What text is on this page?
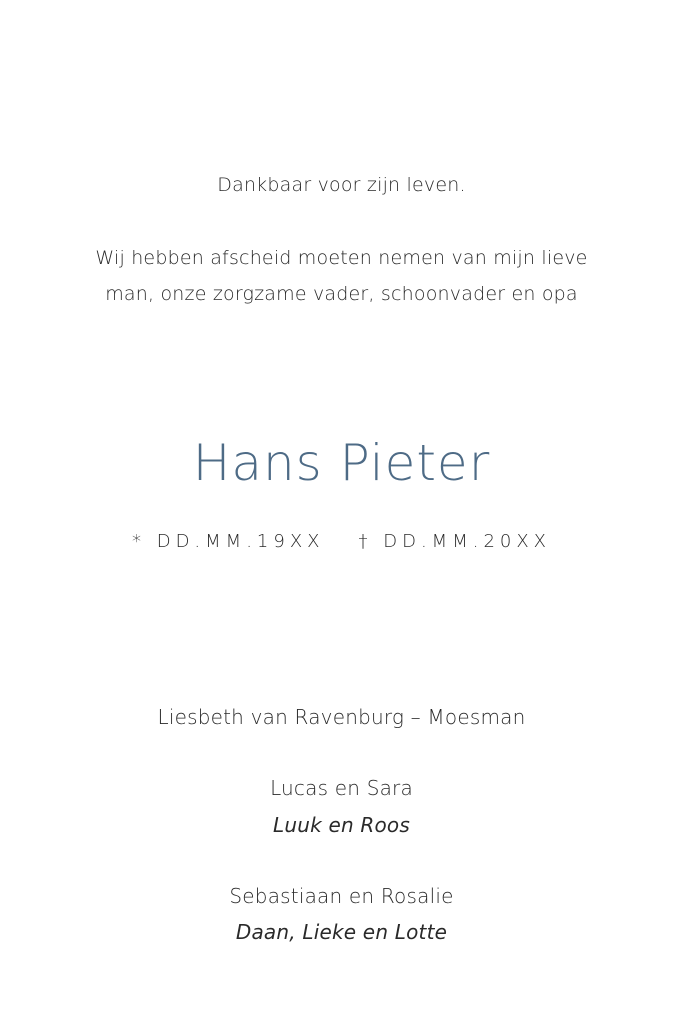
Dankbaar voor zijn leven.
Wij hebben afscheid moeten nemen van mijn lieve
man, onze zorgzame vader, schoonvader en opa
Hans Pieter
* DD.MM.19XX † DD.MM.20XX
Liesbeth van Ravenburg – Moesman
Lucas en Sara
Luuk en Roos
Sebastiaan en Rosalie
Daan, Lieke en Lotte
